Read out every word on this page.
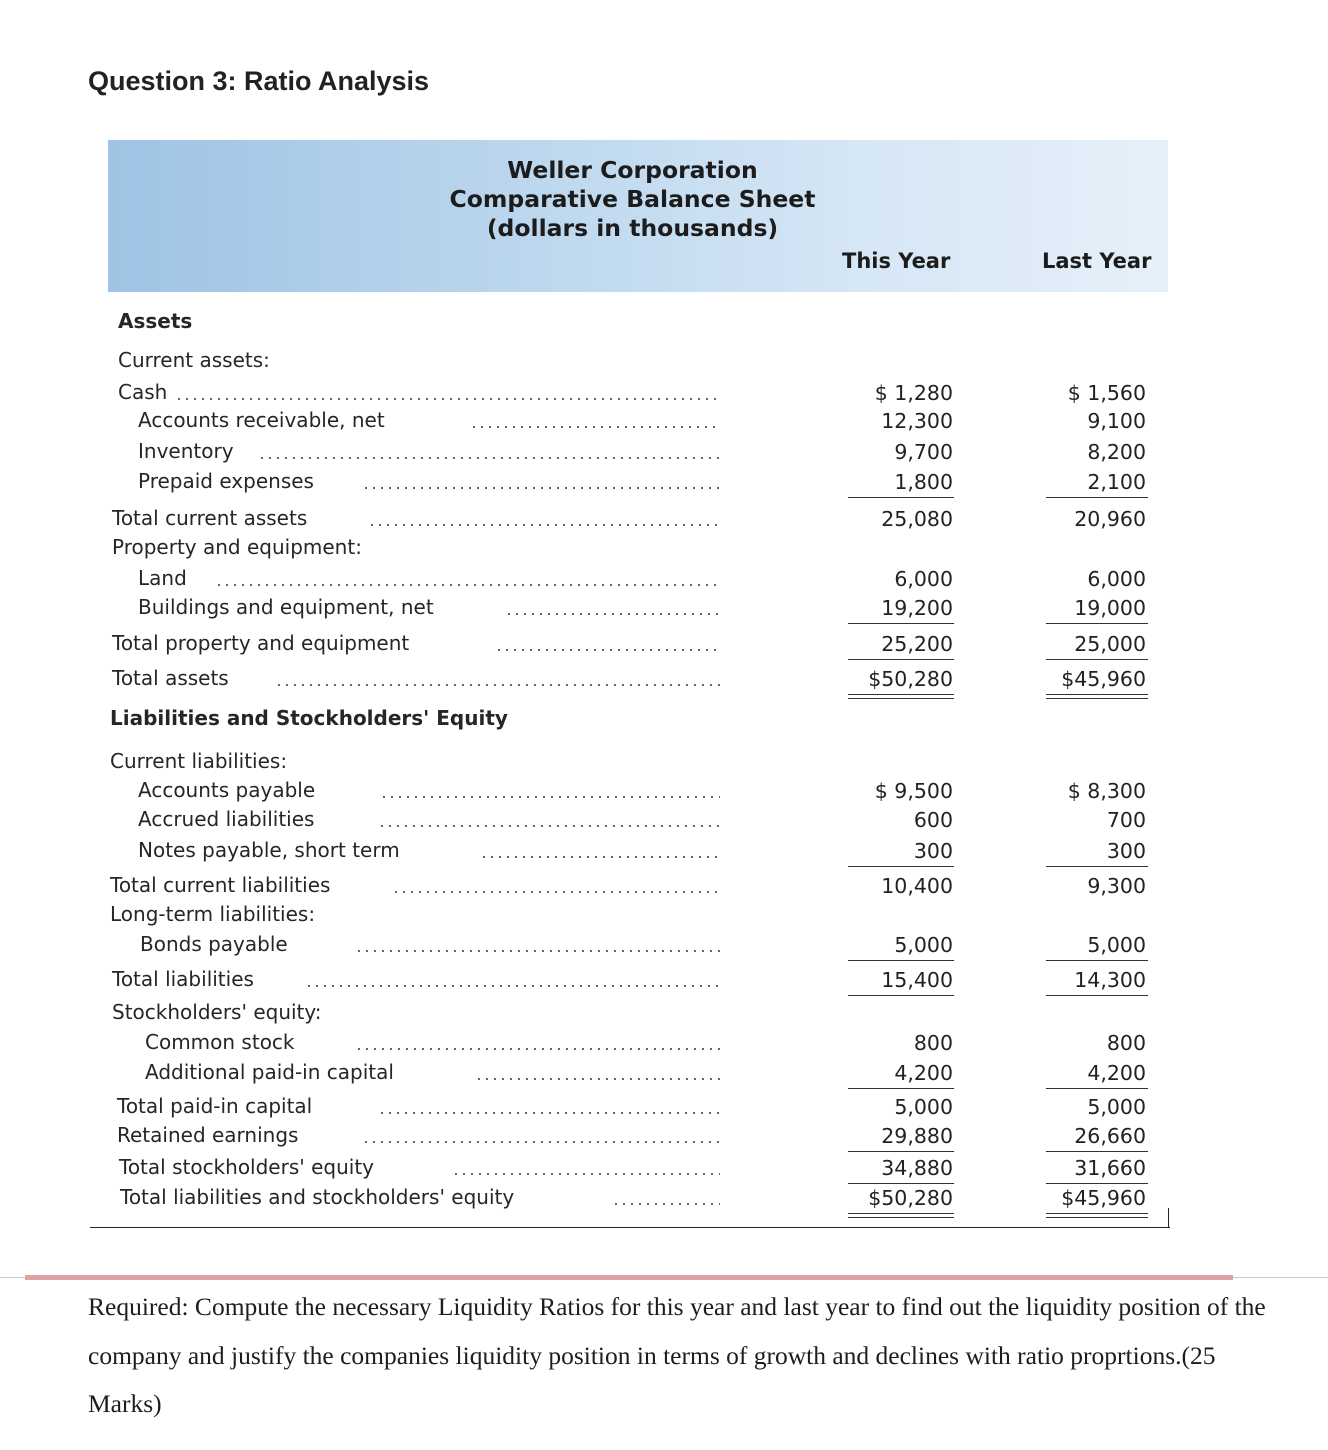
Question 3: Ratio Analysis
Weller Corporation
Comparative Balance Sheet
(dollars in thousands)
This Year	Last Year
Assets
Current assets:
Cash	$ 1,280	$ 1,560
Accounts receivable, net	12,300	9,100
Inventory	9,700	8,200
Prepaid expenses	1,800	2,100
Total current assets	25,080	20,960
Property and equipment:
Land	6,000	6,000
Buildings and equipment, net	19,200	19,000
Total property and equipment	25,200	25,000
Total assets	$50,280	$45,960
Liabilities and Stockholders' Equity
Current liabilities:
Accounts payable	$ 9,500	$ 8,300
Accrued liabilities	600	700
Notes payable, short term	300	300
Total current liabilities	10,400	9,300
Long-term liabilities:
Bonds payable	5,000	5,000
Total liabilities	15,400	14,300
Stockholders' equity:
Common stock	800	800
Additional paid-in capital	4,200	4,200
Total paid-in capital	5,000	5,000
Retained earnings	29,880	26,660
Total stockholders' equity	34,880	31,660
Total liabilities and stockholders' equity	$50,280	$45,960
Required: Compute the necessary Liquidity Ratios for this year and last year to find out the liquidity position of the company and justify the companies liquidity position in terms of growth and declines with ratio proprtions.(25 Marks)
